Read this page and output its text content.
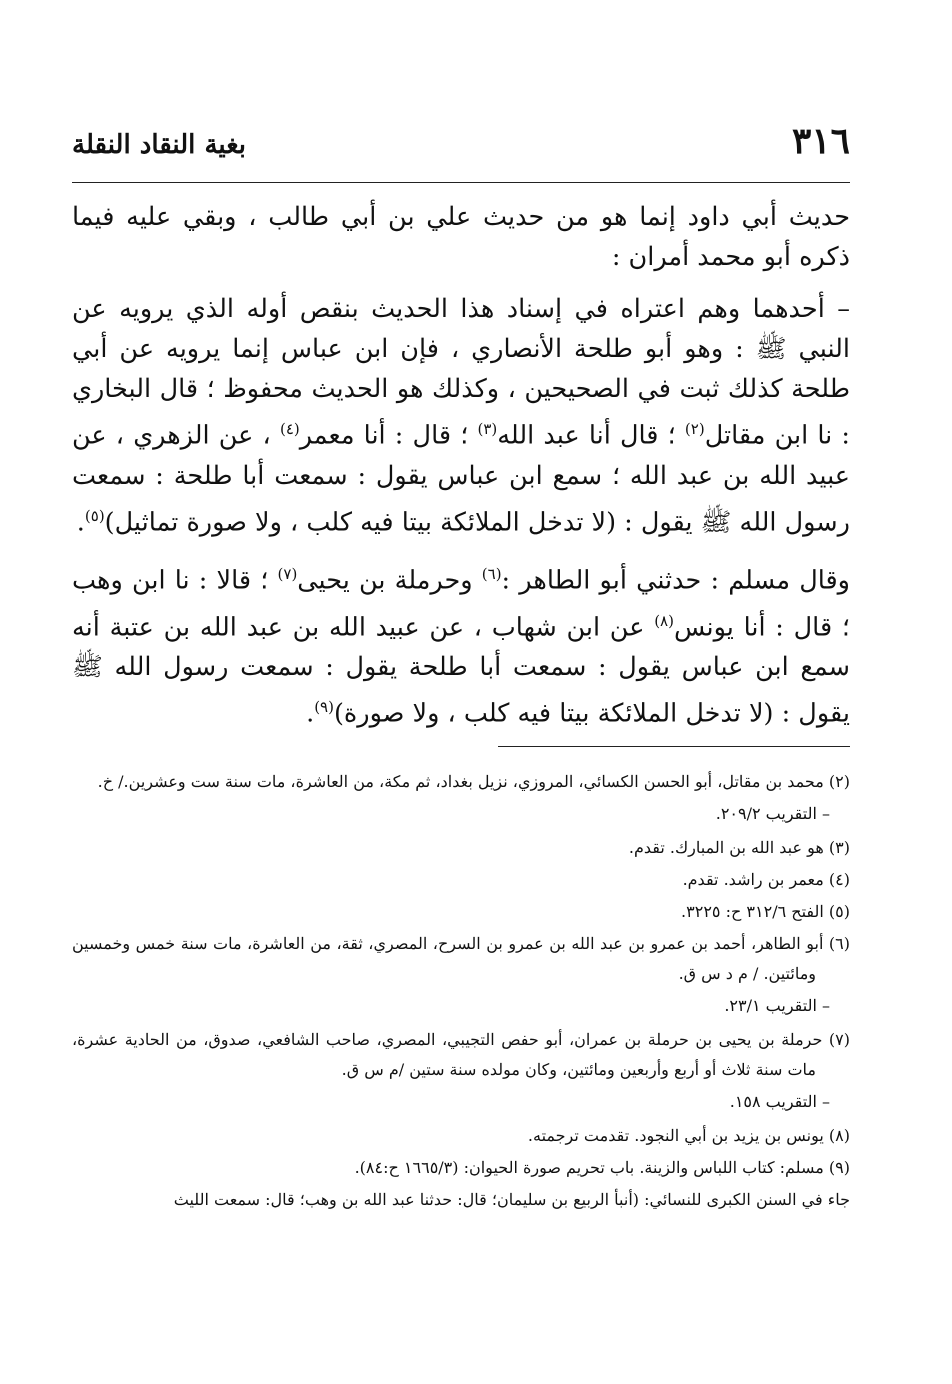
٣١٦
بغية النقاد النقلة

حديث أبي داود إنما هو من حديث علي بن أبي طالب ، وبقي عليه فيما ذكره أبو محمد أمران :

– أحدهما وهم اعتراه في إسناد هذا الحديث بنقص أوله الذي يرويه عن النبي ﷺ : وهو أبو طلحة الأنصاري ، فإن ابن عباس إنما يرويه عن أبي طلحة كذلك ثبت في الصحيحين ، وكذلك هو الحديث محفوظ ؛ قال البخاري : نا ابن مقاتل$^{(٢)}$ ؛ قال أنا عبد الله$^{(٣)}$ ؛ قال : أنا معمر$^{(٤)}$ ، عن الزهري ، عن عبيد الله بن عبد الله ؛ سمع ابن عباس يقول : سمعت أبا طلحة : سمعت رسول الله ﷺ يقول : (لا تدخل الملائكة بيتا فيه كلب ، ولا صورة تماثيل)$^{(٥)}$.

وقال مسلم : حدثني أبو الطاهر :$^{(٦)}$ وحرملة بن يحيى$^{(٧)}$ ؛ قالا : نا ابن وهب ؛ قال : أنا يونس$^{(٨)}$ عن ابن شهاب ، عن عبيد الله بن عبد الله بن عتبة أنه سمع ابن عباس يقول : سمعت أبا طلحة يقول : سمعت رسول الله ﷺ يقول : (لا تدخل الملائكة بيتا فيه كلب ، ولا صورة)$^{(٩)}$.

(٢) محمد بن مقاتل، أبو الحسن الكسائي، المروزي، نزيل بغداد، ثم مكة، من العاشرة، مات سنة ست وعشرين./ خ.

– التقريب ٢٠٩/٢.

(٣) هو عبد الله بن المبارك. تقدم.

(٤) معمر بن راشد. تقدم.

(٥) الفتح ٣١٢/٦ ح: ٣٢٢٥.

(٦) أبو الطاهر، أحمد بن عمرو بن عبد الله بن عمرو بن السرح، المصري، ثقة، من العاشرة، مات سنة خمس وخمسين ومائتين. / م د س ق.

– التقريب ٢٣/١.

(٧) حرملة بن يحيى بن حرملة بن عمران، أبو حفص التجيبي، المصري، صاحب الشافعي، صدوق، من الحادية عشرة، مات سنة ثلاث أو أربع وأربعين ومائتين، وكان مولده سنة ستين /م س ق.

– التقريب ١٥٨.

(٨) يونس بن يزيد بن أبي النجود. تقدمت ترجمته.

(٩) مسلم: كتاب اللباس والزينة. باب تحريم صورة الحيوان: (١٦٦٥/٣ ح:٨٤).

جاء في السنن الكبرى للنسائي: (أنبأ الربيع بن سليمان؛ قال: حدثنا عبد الله بن وهب؛ قال: سمعت الليث
